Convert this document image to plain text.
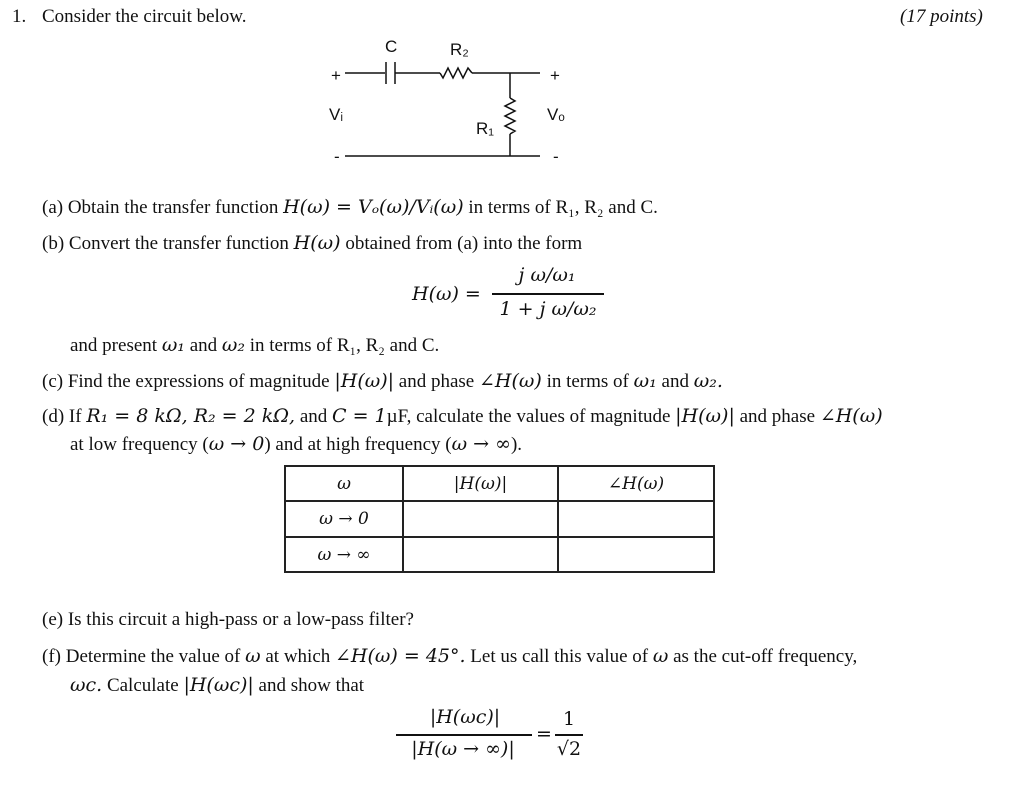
1. Consider the circuit below.	(17 points)
C	R₂
R₁
Vᵢ	Vₒ
+	+
-	-
(a) Obtain the transfer function H(ω) = Vₒ(ω)/Vᵢ(ω) in terms of R₁, R₂ and C.
(b) Convert the transfer function H(ω) obtained from (a) into the form
H(ω) =
j ω/ω₁
1 + j ω/ω₂
and present ω₁ and ω₂ in terms of R₁, R₂ and C.
(c) Find the expressions of magnitude |H(ω)| and phase ∠H(ω) in terms of ω₁ and ω₂.
(d) If R₁ = 8 kΩ, R₂ = 2 kΩ, and C = 1µF, calculate the values of magnitude |H(ω)| and phase ∠H(ω)
at low frequency (ω → 0) and at high frequency (ω → ∞).
ω	|H(ω)|	∠H(ω)
ω → 0		
ω → ∞		
(e) Is this circuit a high-pass or a low-pass filter?
(f) Determine the value of ω at which ∠H(ω) = 45°. Let us call this value of ω as the cut-off frequency,
ωc. Calculate |H(ωc)| and show that
|H(ωc)|
|H(ω → ∞)|
=
1
√2
